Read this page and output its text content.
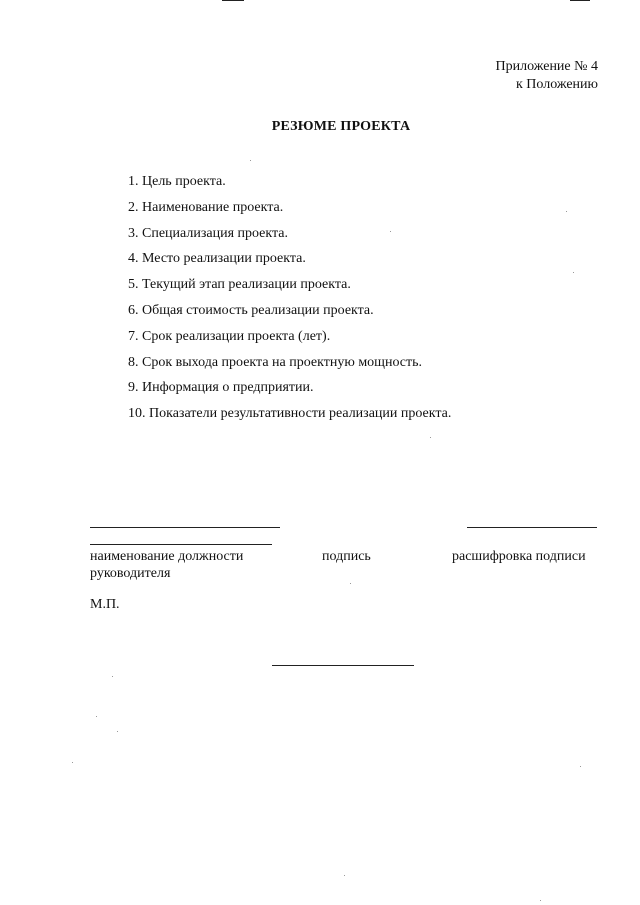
Приложение № 4
к Положению
РЕЗЮМЕ ПРОЕКТА
1. Цель проекта.
2. Наименование проекта.
3. Специализация проекта.
4. Место реализации проекта.
5. Текущий этап реализации проекта.
6. Общая стоимость реализации проекта.
7. Срок реализации проекта (лет).
8. Срок выхода проекта на проектную мощность.
9. Информация о предприятии.
10. Показатели результативности реализации проекта.
наименование должности
руководителя
подпись	расшифровка подписи
М.П.
